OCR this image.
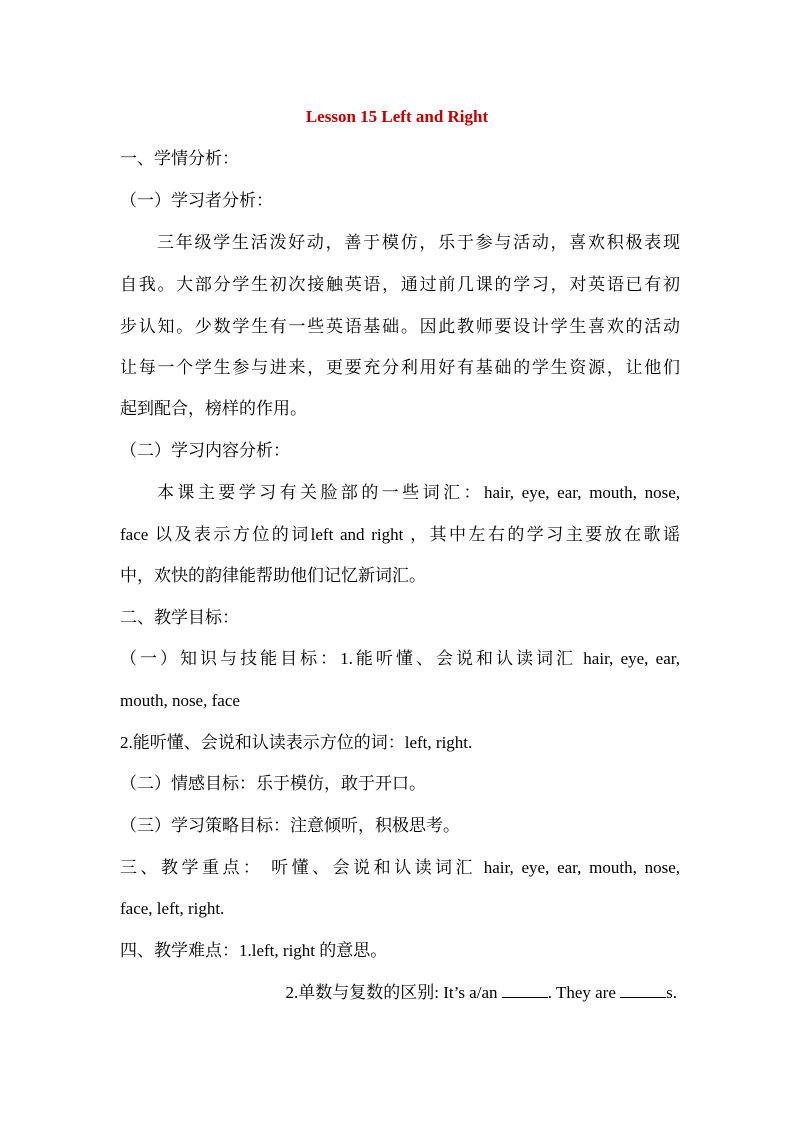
Lesson 15 Left and Right
一、学情分析：
（一）学习者分析：
三年级学生活泼好动，善于模仿，乐于参与活动，喜欢积极表现
自我。大部分学生初次接触英语，通过前几课的学习，对英语已有初
步认知。少数学生有一些英语基础。因此教师要设计学生喜欢的活动
让每一个学生参与进来，更要充分利用好有基础的学生资源，让他们
起到配合，榜样的作用。
（二）学习内容分析：
本课主要学习有关脸部的一些词汇：hair, eye, ear, mouth, nose,
face 以及表示方位的词left and right ，其中左右的学习主要放在歌谣
中，欢快的韵律能帮助他们记忆新词汇。
二、教学目标：
（一）知识与技能目标：1.能听懂、会说和认读词汇 hair, eye, ear,
mouth, nose, face
2.能听懂、会说和认读表示方位的词：left, right.
（二）情感目标：乐于模仿，敢于开口。
（三）学习策略目标：注意倾听，积极思考。
三、教学重点： 听懂、会说和认读词汇 hair, eye, ear, mouth, nose,
face, left, right.
四、教学难点：1.left, right 的意思。
2.单数与复数的区别: It’s a/an	. They are	s.
